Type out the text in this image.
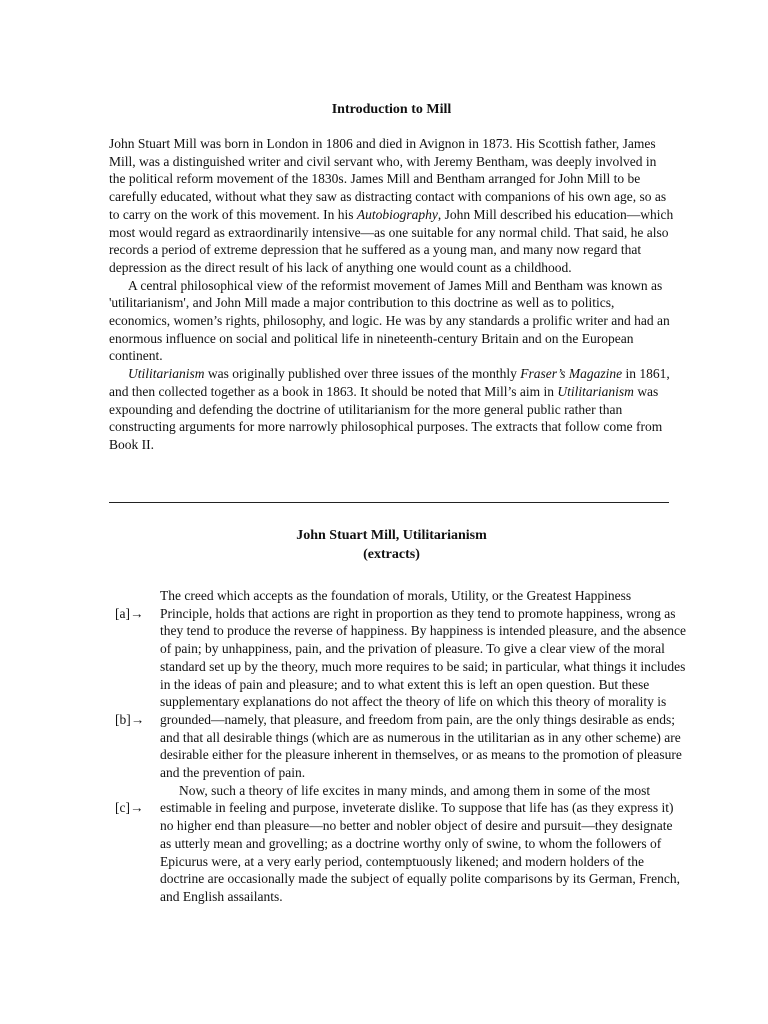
Introduction to Mill

John Stuart Mill was born in London in 1806 and died in Avignon in 1873. His Scottish father, James Mill, was a distinguished writer and civil servant who, with Jeremy Bentham, was deeply involved in the political reform movement of the 1830s. James Mill and Bentham arranged for John Mill to be carefully educated, without what they saw as distracting contact with companions of his own age, so as to carry on the work of this movement. In his Autobiography, John Mill described his education—which most would regard as extraordinarily intensive—as one suitable for any normal child. That said, he also records a period of extreme depression that he suffered as a young man, and many now regard that depression as the direct result of his lack of anything one would count as a childhood.

A central philosophical view of the reformist movement of James Mill and Bentham was known as 'utilitarianism', and John Mill made a major contribution to this doctrine as well as to politics, economics, women’s rights, philosophy, and logic. He was by any standards a prolific writer and had an enormous influence on social and political life in nineteenth-century Britain and on the European continent.

Utilitarianism was originally published over three issues of the monthly Fraser’s Magazine in 1861, and then collected together as a book in 1863. It should be noted that Mill’s aim in Utilitarianism was expounding and defending the doctrine of utilitarianism for the more general public rather than constructing arguments for more narrowly philosophical purposes. The extracts that follow come from Book II.

John Stuart Mill, Utilitarianism
(extracts)
[a]→
[b]→
[c]→

The creed which accepts as the foundation of morals, Utility, or the Greatest Happiness Principle, holds that actions are right in proportion as they tend to promote happiness, wrong as they tend to produce the reverse of happiness. By happiness is intended pleasure, and the absence of pain; by unhappiness, pain, and the privation of pleasure. To give a clear view of the moral standard set up by the theory, much more requires to be said; in particular, what things it includes in the ideas of pain and pleasure; and to what extent this is left an open question. But these supplementary explanations do not affect the theory of life on which this theory of morality is grounded—namely, that pleasure, and freedom from pain, are the only things desirable as ends; and that all desirable things (which are as numerous in the utilitarian as in any other scheme) are desirable either for the pleasure inherent in themselves, or as means to the promotion of pleasure and the prevention of pain.

Now, such a theory of life excites in many minds, and among them in some of the most estimable in feeling and purpose, inveterate dislike. To suppose that life has (as they express it) no higher end than pleasure—no better and nobler object of desire and pursuit—they designate as utterly mean and grovelling; as a doctrine worthy only of swine, to whom the followers of Epicurus were, at a very early period, contemptuously likened; and modern holders of the doctrine are occasionally made the subject of equally polite comparisons by its German, French, and English assailants.
